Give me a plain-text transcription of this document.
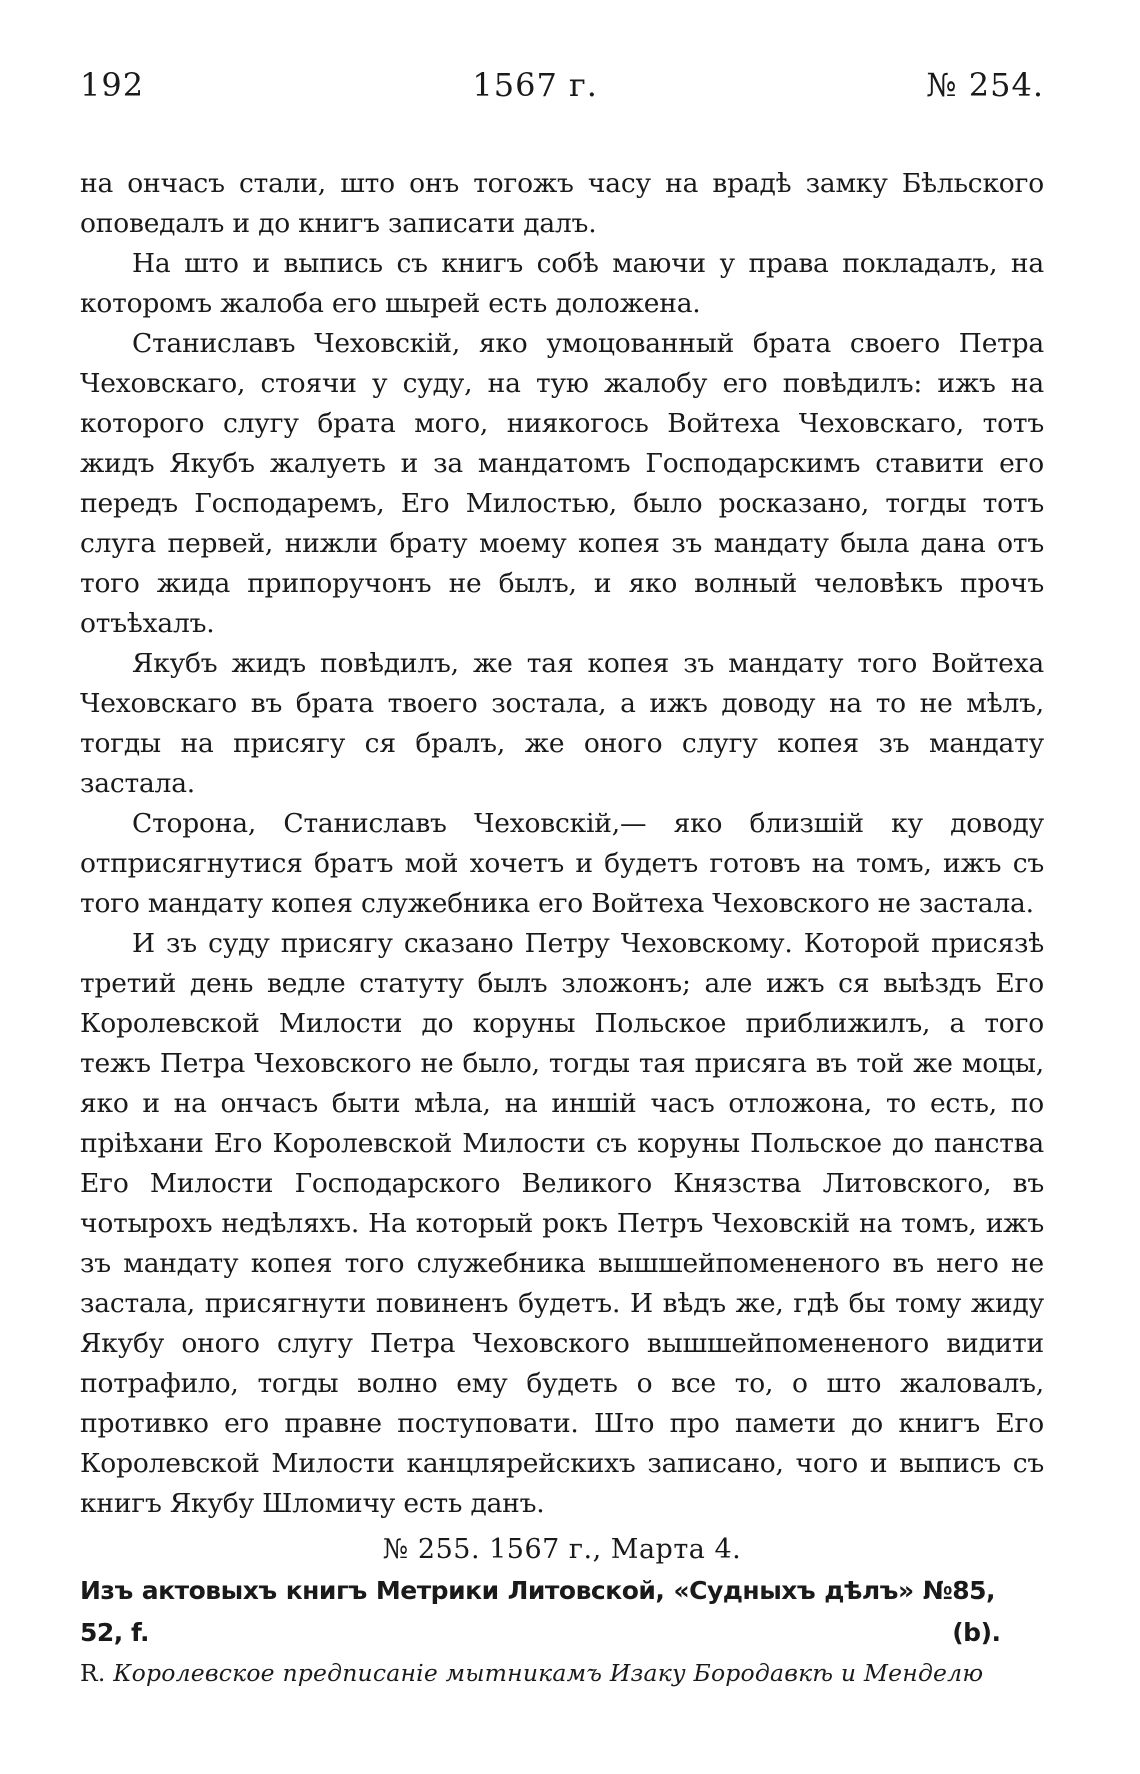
192	1567 г.	№ 254.

на ончасъ стали, што онъ тогожъ часу на врадѣ замку Бѣльского оповедалъ и до книгъ записати далъ.

На што и выпись съ книгъ собѣ маючи у права покладалъ, на которомъ жалоба его шырей есть доложена.

Станиславъ Чеховскій, яко умоцованный брата своего Петра Чеховскаго, стоячи у суду, на тую жалобу его повѣдилъ: ижъ на которого слугу брата мого, ниякогось Войтеха Чеховскаго, тотъ жидъ Якубъ жалуеть и за мандатомъ Господарскимъ ставити его передъ Господаремъ, Его Милостью, было росказано, тогды тотъ слуга первей, нижли брату моему копея зъ мандату была дана отъ того жида припоручонъ не былъ, и яко волный человѣкъ прочъ отъѣхалъ.

Якубъ жидъ повѣдилъ, же тая копея зъ мандату того Войтеха Чеховскаго въ брата твоего зостала, а ижъ доводу на то не мѣлъ, тогды на присягу ся бралъ, же оного слугу копея зъ мандату застала.

Сторона, Станиславъ Чеховскій,— яко близшій ку доводу отприсягнутися братъ мой хочетъ и будетъ готовъ на томъ, ижъ съ того мандату копея служебника его Войтеха Чеховского не застала.

И зъ суду присягу сказано Петру Чеховскому. Которой присязѣ третий день ведле статуту былъ зложонъ; але ижъ ся выѣздъ Его Королевской Милости до коруны Польское приближилъ, а того тежъ Петра Чеховского не было, тогды тая присяга въ той же моцы, яко и на ончасъ быти мѣла, на иншій часъ отложона, то есть, по пріѣхани Его Королевской Милости съ коруны Польское до панства Его Милости Господарского Великого Князства Литовского, въ чотырохъ недѣляхъ. На который рокъ Петръ Чеховскій на томъ, ижъ зъ мандату копея того служебника вышшейпомененого въ него не застала, присягнути повиненъ будетъ. И вѣдъ же, гдѣ бы тому жиду Якубу оного слугу Петра Чеховского вышшейпомененого видити потрафило, тогды волно ему будеть о все то, о што жаловалъ, противко его правне поступовати. Што про памети до книгъ Его Королевской Милости канцлярейскихъ записано, чого и выписъ съ книгъ Якубу Шломичу есть данъ.

№ 255. 1567 г., Марта 4.
Изъ актовыхъ книгъ Метрики Литовской, «Судныхъ дѣлъ» № 52, f.
85, (b).
R. Королевское предписаніе мытникамъ Изаку Бородавкѣ и Менделю
